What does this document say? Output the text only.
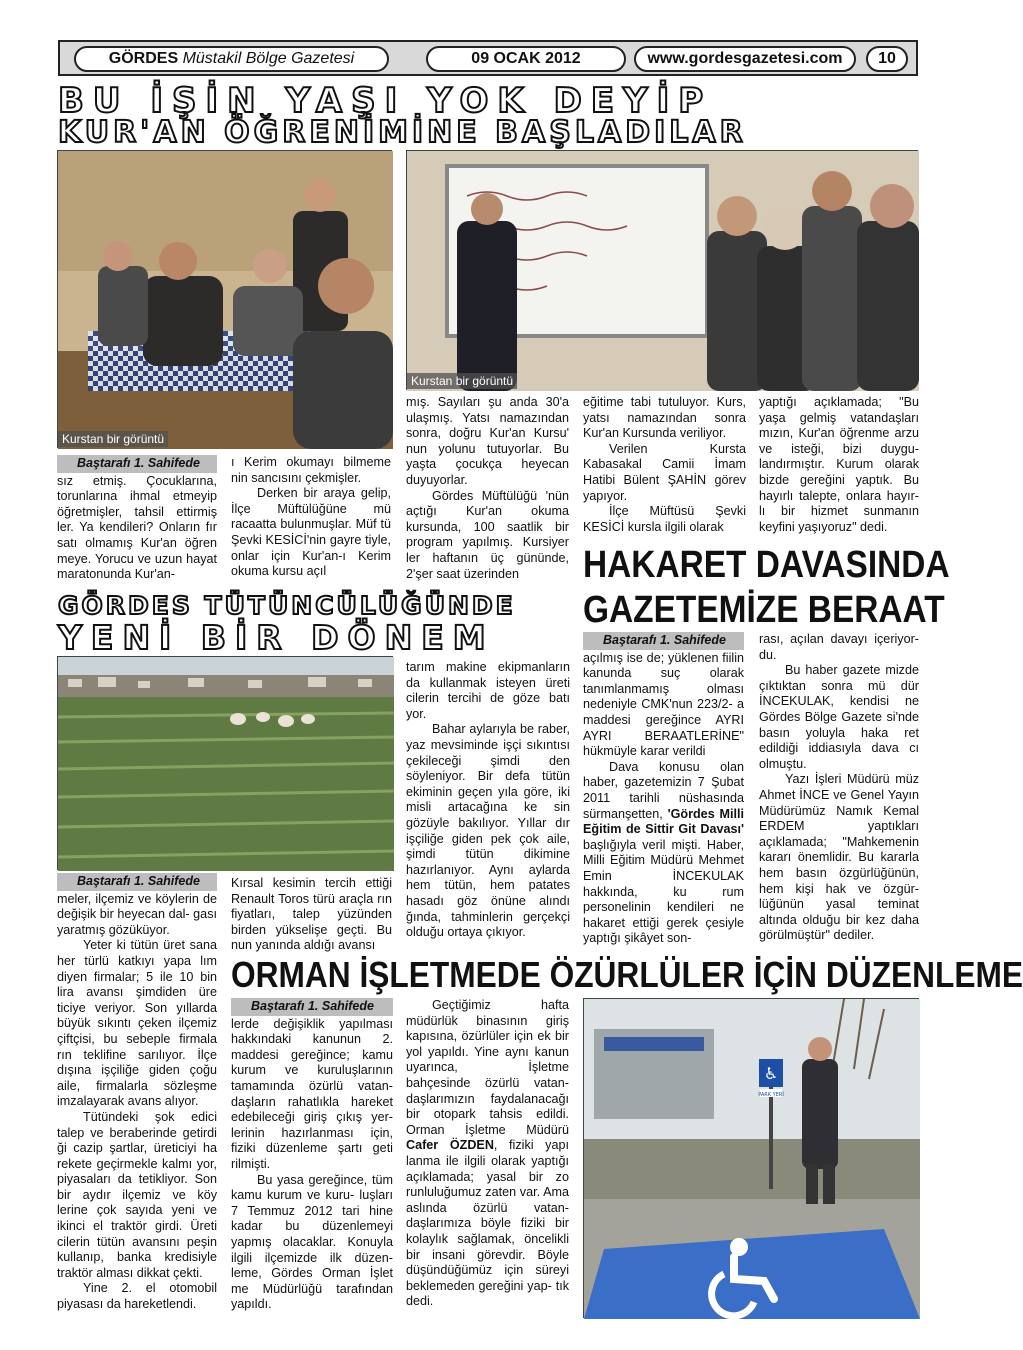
GÖRDES Müstakil Bölge Gazetesi	09 OCAK 2012	www.gordesgazetesi.com	10
BU İŞİN YAŞI YOK DEYİP
KUR'AN ÖĞRENİMİNE BAŞLADILAR
Kurstan bir görüntü
Kurstan bir görüntü
Baştarafı 1. Sahifede

sız etmiş. Çocuklarına, torunlarına ihmal etmeyip öğretmişler, tahsil ettirmiş ler. Ya kendileri? Onların fır satı olmamış Kur'an öğren meye. Yorucu ve uzun hayat maratonunda Kur'an-

ı Kerim okumayı bilmeme nin sancısını çekmişler.

Derken bir araya gelip, İlçe Müftülüğüne mü racaatta bulunmuşlar. Müf tü Şevki KESİCİ'nin gayre tiyle, onlar için Kur'an-ı Kerim okuma kursu açıl

mış. Sayıları şu anda 30'a ulaşmış. Yatsı namazından sonra, doğru Kur'an Kursu' nun yolunu tutuyorlar. Bu yaşta çocukça heyecan duyuyorlar.

Gördes Müftülüğü 'nün açtığı Kur'an okuma kursunda, 100 saatlik bir program yapılmış. Kursiyer ler haftanın üç gününde, 2'şer saat üzerinden

eğitime tabi tutuluyor. Kurs, yatsı namazından sonra Kur'an Kursunda veriliyor.

Verilen Kursta Kabasakal Camii İmam Hatibi Bülent ŞAHİN görev yapıyor.

İlçe Müftüsü Şevki KESİCİ kursla ilgili olarak

yaptığı açıklamada; "Bu yaşa gelmiş vatandaşları mızın, Kur'an öğrenme arzu ve isteği, bizi duygu- landırmıştır. Kurum olarak bizde gereğini yaptık. Bu hayırlı talepte, onlara hayır- lı bir hizmet sunmanın keyfini yaşıyoruz" dedi.

HAKARET DAVASINDA
GAZETEMİZE BERAAT
GÖRDES TÜTÜNCÜLÜĞÜNDE
YENİ BİR DÖNEM
Baştarafı 1. Sahifede

meler, ilçemiz ve köylerin de değişik bir heyecan dal- gası yaratmış gözüküyor.

Yeter ki tütün üret sana her türlü katkıyı yapa lım diyen firmalar; 5 ile 10 bin lira avansı şimdiden üre ticiye veriyor. Son yıllarda büyük sıkıntı çeken ilçemiz çiftçisi, bu sebeple firmala rın teklifine sarılıyor. İlçe dışına işçiliğe giden çoğu aile, firmalarla sözleşme imzalayarak avans alıyor.

Tütündeki şok edici talep ve beraberinde getirdi ği cazip şartlar, üreticiyi ha rekete geçirmekle kalmı yor, piyasaları da tetikliyor. Son bir aydır ilçemiz ve köy lerine çok sayıda yeni ve ikinci el traktör girdi. Üreti cilerin tütün avansını peşin kullanıp, banka kredisiyle traktör alması dikkat çekti.

Yine 2. el otomobil piyasası da hareketlendi.

Kırsal kesimin tercih ettiği Renault Toros türü araçla rın fiyatları, talep yüzünden birden yükselişe geçti. Bu nun yanında aldığı avansı

tarım makine ekipmanların da kullanmak isteyen üreti cilerin tercihi de göze batı yor.

Bahar aylarıyla be raber, yaz mevsiminde işçi sıkıntısı çekileceği şimdi den söyleniyor. Bir defa tütün ekiminin geçen yıla göre, iki misli artacağına ke sin gözüyle bakılıyor. Yıllar dır işçiliğe giden pek çok aile, şimdi tütün dikimine hazırlanıyor. Aynı aylarda hem tütün, hem patates hasadı göz önüne alındı ğında, tahminlerin gerçekçi olduğu ortaya çıkıyor.

Baştarafı 1. Sahifede

açılmış ise de; yüklenen fiilin kanunda suç olarak tanımlanmamış olması nedeniyle CMK'nun 223/2- a maddesi gereğince AYRI AYRI BERAATLERİNE" hükmüyle karar verildi

Dava konusu olan haber, gazetemizin 7 Şubat 2011 tarihli nüshasında sürmanşetten, 'Gördes Milli Eğitim de Sittir Git Davası' başlığıyla veril mişti. Haber, Milli Eğitim Müdürü Mehmet Emin İNCEKULAK hakkında, ku rum personelinin kendileri ne hakaret ettiği gerek çesiyle yaptığı şikâyet son-

rası, açılan davayı içeriyor- du.

Bu haber gazete mizde çıktıktan sonra mü dür İNCEKULAK, kendisi ne Gördes Bölge Gazete si'nde basın yoluyla haka ret edildiği iddiasıyla dava cı olmuştu.

Yazı İşleri Müdürü müz Ahmet İNCE ve Genel Yayın Müdürümüz Namık Kemal ERDEM yaptıkları açıklamada; "Mahkemenin kararı önemlidir. Bu kararla hem basın özgürlüğünün, hem kişi hak ve özgür- lüğünün yasal teminat altında olduğu bir kez daha görülmüştür" dediler.

ORMAN İŞLETMEDE ÖZÜRLÜLER İÇİN DÜZENLEME
Baştarafı 1. Sahifede

lerde değişiklik yapılması hakkındaki kanunun 2. maddesi gereğince; kamu kurum ve kuruluşlarının tamamında özürlü vatan- daşların rahatlıkla hareket edebileceği giriş çıkış yer- lerinin hazırlanması için, fiziki düzenleme şartı geti rilmişti.

Bu yasa gereğince, tüm kamu kurum ve kuru- luşları 7 Temmuz 2012 tari hine kadar bu düzenlemeyi yapmış olacaklar. Konuyla ilgili ilçemizde ilk düzen- leme, Gördes Orman İşlet me Müdürlüğü tarafından yapıldı.

Geçtiğimiz hafta müdürlük binasının giriş kapısına, özürlüler için ek bir yol yapıldı. Yine aynı kanun uyarınca, İşletme bahçesinde özürlü vatan- daşlarımızın faydalanacağı bir otopark tahsis edildi. Orman İşletme Müdürü Cafer ÖZDEN, fiziki yapı lanma ile ilgili olarak yaptığı açıklamada; yasal bir zo runluluğumuz zaten var. Ama aslında özürlü vatan- daşlarımıza böyle fiziki bir kolaylık sağlamak, öncelikli bir insani görevdir. Böyle düşündüğümüz için süreyi beklemeden gereğini yap- tık dedi.

♿
PARK YERİ
